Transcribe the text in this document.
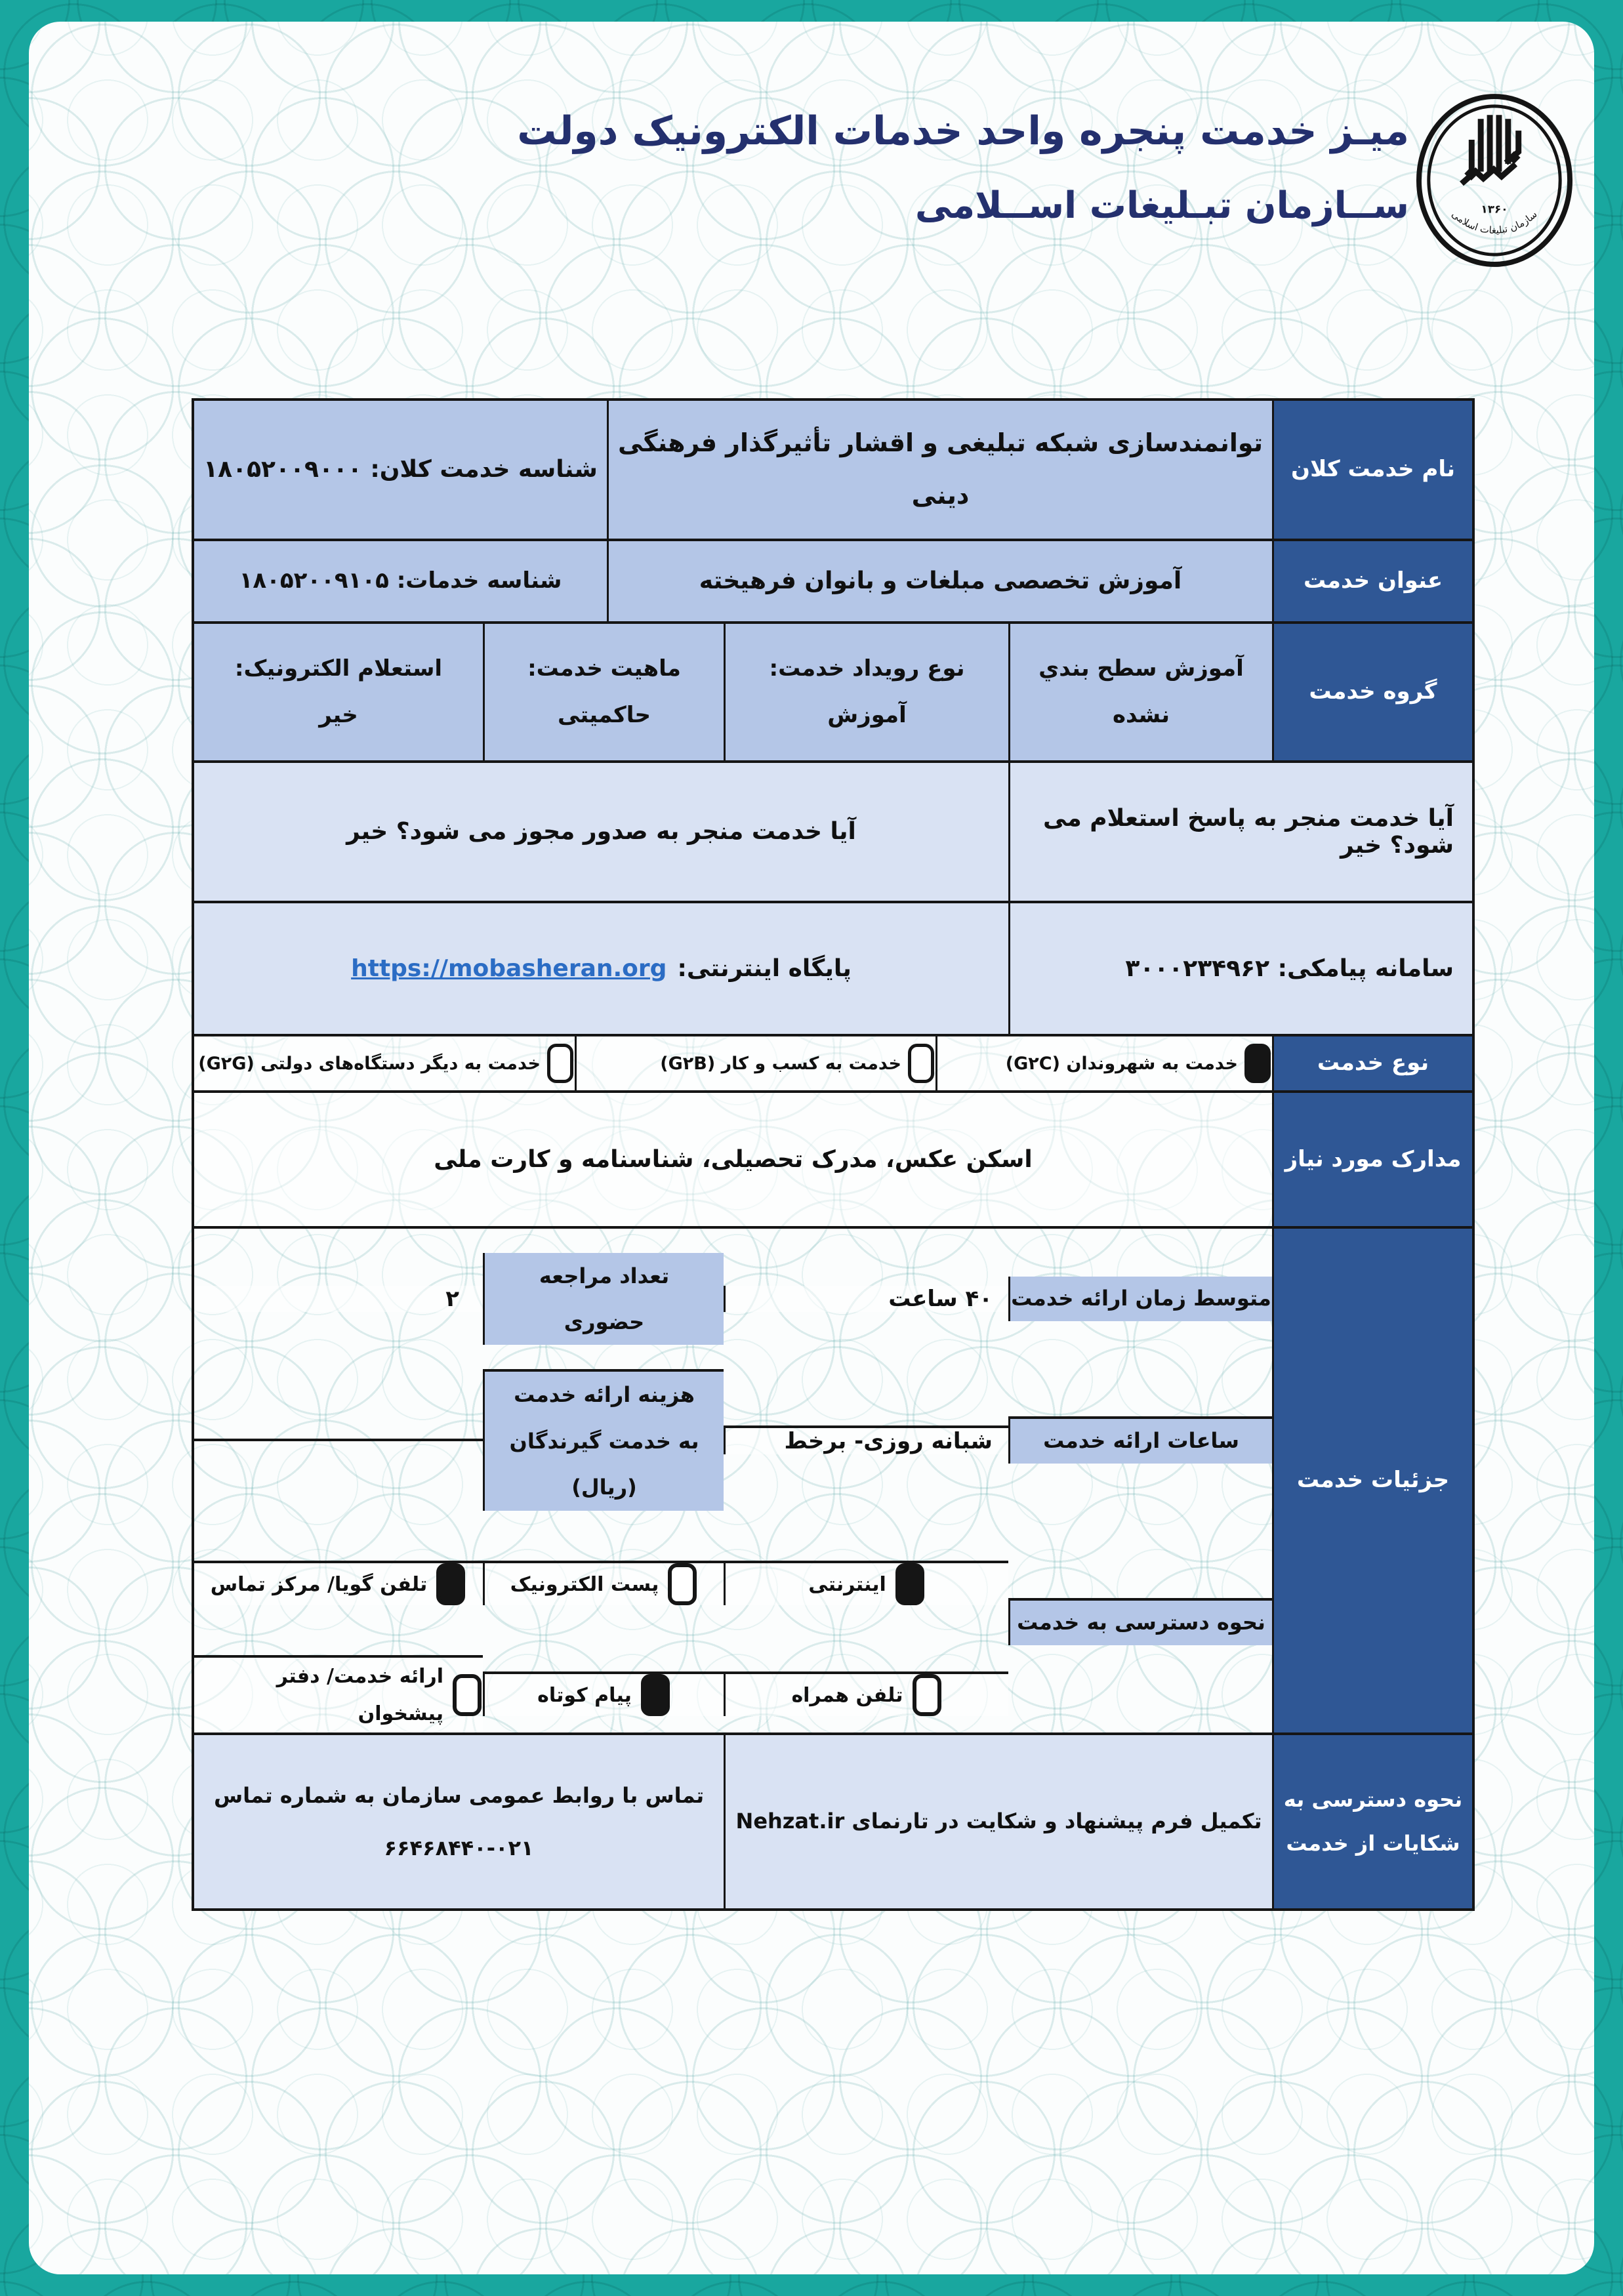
میـز خدمت پنجره واحد خدمات الکترونیک دولت
ســازمان تبـلیغات اســلامی	۱۳۶۰
سازمان تبلیغات اسلامی
نام خدمت کلان
توانمندسازی شبکه تبلیغی و اقشار تأثیرگذار فرهنگی دینی
شناسه خدمت کلان: ۱۸۰۵۲۰۰۹۰۰۰
عنوان خدمت
آموزش تخصصی مبلغات و بانوان فرهیخته
شناسه خدمات: ۱۸۰۵۲۰۰۹۱۰۵
گروه خدمت
آموزش سطح بندي نشده
نوع رویداد خدمت:
آموزش
ماهیت خدمت:
حاکمیتی
استعلام الکترونیک:
خیر
آیا خدمت منجر به پاسخ استعلام می شود؟ خیر
آیا خدمت منجر به صدور مجوز می شود؟ خیر
سامانه پیامکی: ۳۰۰۰۲۳۴۹۶۲
پایگاه اینترنتی:
https://mobasheran.org
نوع خدمت
خدمت به شهروندان (G۲C)
خدمت به کسب و کار (G۲B)
خدمت به دیگر دستگاه‌های دولتی (G۲G)
مدارک مورد نیاز
اسکن عکس، مدرک تحصیلی، شناسنامه و کارت ملی
جزئیات خدمت
متوسط زمان ارائه خدمت
۴۰ ساعت
تعداد مراجعه حضوری
۲
ساعات ارائه خدمت
شبانه روزی- برخط
هزینه ارائه خدمت به خدمت گیرندگان (ریال)
نحوه دسترسی به خدمت
اینترنتی
پست الکترونیک
تلفن گویا/ مرکز تماس
تلفن همراه
پیام کوتاه
ارائه خدمت/ دفتر پیشخوان
نحوه دسترسی به
شکایات از خدمت
تکمیل فرم پیشنهاد و شکایت در تارنمای Nehzat.ir
تماس با روابط عمومی سازمان به شماره تماس
۶۶۴۶۸۴۴۰-۰۲۱
